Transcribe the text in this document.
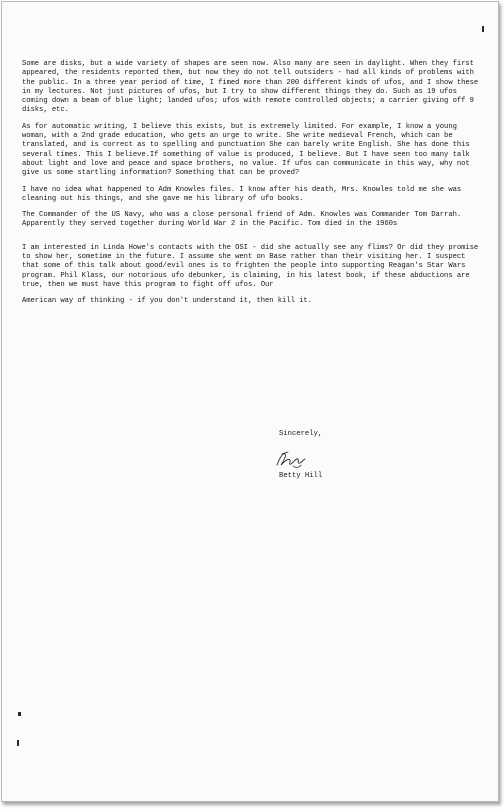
Some are disks, but a wide variety of shapes are seen now. Also many are seen in daylight. When they first appeared, the residents reported them, but now they do not tell outsiders - had all kinds of problems with the public. In a three year period of time, I fimed more than 200 different kinds of ufos, and I show these in my lectures. Not just pictures of ufos, but I try to show different things they do. Such as 19 ufos coming down a beam of blue light; landed ufos; ufos with remote controlled objects; a carrier giving off 9 disks, etc.

As for automatic writing, I believe this exists, but is extremely limited. For example, I know a young woman, with a 2nd grade education, who gets an urge to write. She write medieval French, which can be translated, and is correct as to spelling and punctuation She can barely write English. She has done this several times. This I believe.If something of value is produced, I believe. But I have seen too many talk about light and love and peace and space brothers, no value. If ufos can communicate in this way, why not give us some startling information? Something that can be proved?

I have no idea what happened to Adm Knowles files. I know after his death, Mrs. Knowles told me she was cleaning out his things, and she gave me his library of ufo books.

The Commander of the US Navy, who was a close personal friend of Adm. Knowles was Commander Tom Darrah. Apparently they served together during World War 2 in the Pacific. Tom died in the 1960s

I am interested in Linda Howe's contacts with the OSI - did she actually see any flims? Or did they promise to show her, sometime in the future. I assume she went on Base rather than their visiting her. I suspect that some of this talk about good/evil ones is to frighten the people into supporting Reagan's Star Wars program. Phil Klass, our notorious ufo debunker, is claiming, in his latest book, if these abductions are true, then we must have this program to fight off ufos. Our

American way of thinking - if you don't understand it, then kill it.

Sincerely,
Betty Hill
